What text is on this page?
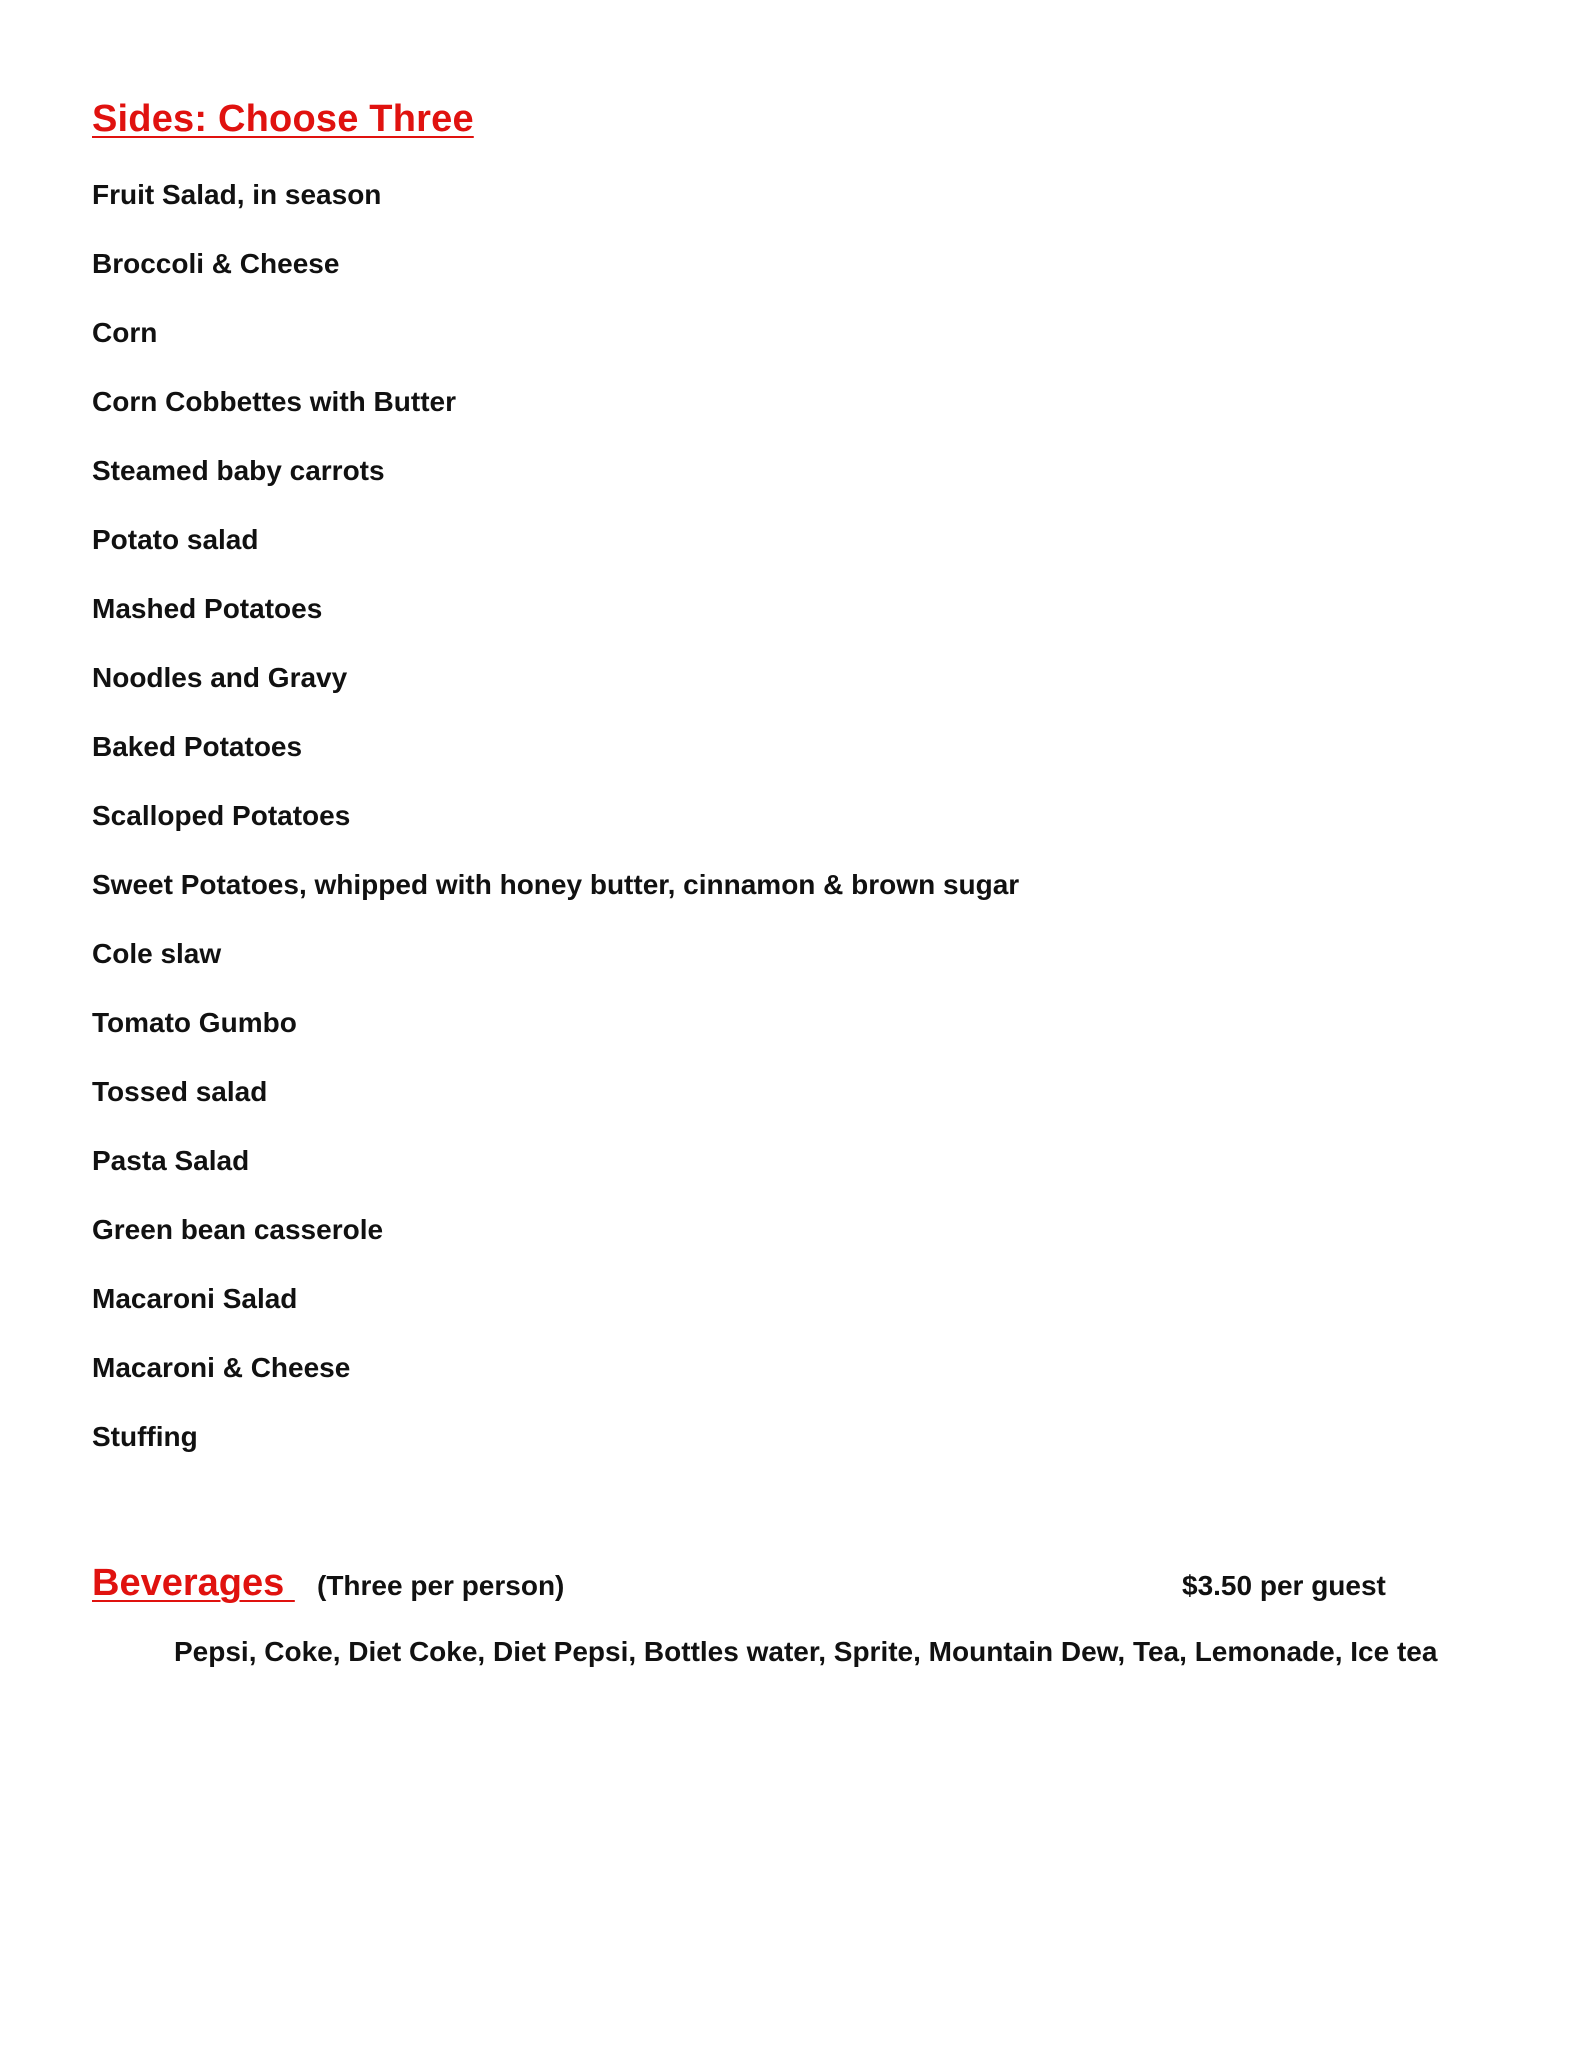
Sides: Choose Three
Fruit Salad, in season
Broccoli & Cheese
Corn
Corn Cobbettes with Butter
Steamed baby carrots
Potato salad
Mashed Potatoes
Noodles and Gravy
Baked Potatoes
Scalloped Potatoes
Sweet Potatoes, whipped with honey butter, cinnamon & brown sugar
Cole slaw
Tomato Gumbo
Tossed salad
Pasta Salad
Green bean casserole
Macaroni Salad
Macaroni & Cheese
Stuffing
Beverages (Three per person)	$3.50 per guest
Pepsi, Coke, Diet Coke, Diet Pepsi, Bottles water, Sprite, Mountain Dew, Tea, Lemonade, Ice tea
